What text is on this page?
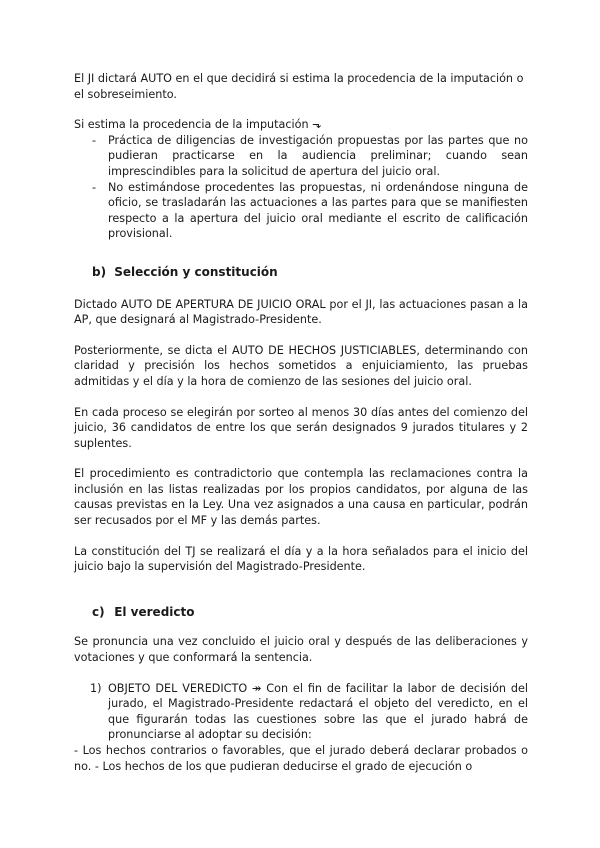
El JI dictará AUTO en el que decidirá si estima la procedencia de la imputación o el sobreseimiento.

Si estima la procedencia de la imputación ⬎

- Práctica de diligencias de investigación propuestas por las partes que no pudieran practicarse en la audiencia preliminar; cuando sean imprescindibles para la solicitud de apertura del juicio oral.
- No estimándose procedentes las propuestas, ni ordenándose ninguna de oficio, se trasladarán las actuaciones a las partes para que se manifiesten respecto a la apertura del juicio oral mediante el escrito de calificación provisional.
b) Selección y constitución

Dictado AUTO DE APERTURA DE JUICIO ORAL por el JI, las actuaciones pasan a la AP, que designará al Magistrado-Presidente.

Posteriormente, se dicta el AUTO DE HECHOS JUSTICIABLES, determinando con claridad y precisión los hechos sometidos a enjuiciamiento, las pruebas admitidas y el día y la hora de comienzo de las sesiones del juicio oral.

En cada proceso se elegirán por sorteo al menos 30 días antes del comienzo del juicio, 36 candidatos de entre los que serán designados 9 jurados titulares y 2 suplentes.

El procedimiento es contradictorio que contempla las reclamaciones contra la inclusión en las listas realizadas por los propios candidatos, por alguna de las causas previstas en la Ley. Una vez asignados a una causa en particular, podrán ser recusados por el MF y las demás partes.

La constitución del TJ se realizará el día y a la hora señalados para el inicio del juicio bajo la supervisión del Magistrado-Presidente.

c) El veredicto

Se pronuncia una vez concluido el juicio oral y después de las deliberaciones y votaciones y que conformará la sentencia.

1) OBJETO DEL VEREDICTO ↠ Con el fin de facilitar la labor de decisión del jurado, el Magistrado-Presidente redactará el objeto del veredicto, en el que figurarán todas las cuestiones sobre las que el jurado habrá de pronunciarse al adoptar su decisión:

- Los hechos contrarios o favorables, que el jurado deberá declarar probados o no. - Los hechos de los que pudieran deducirse el grado de ejecución o
